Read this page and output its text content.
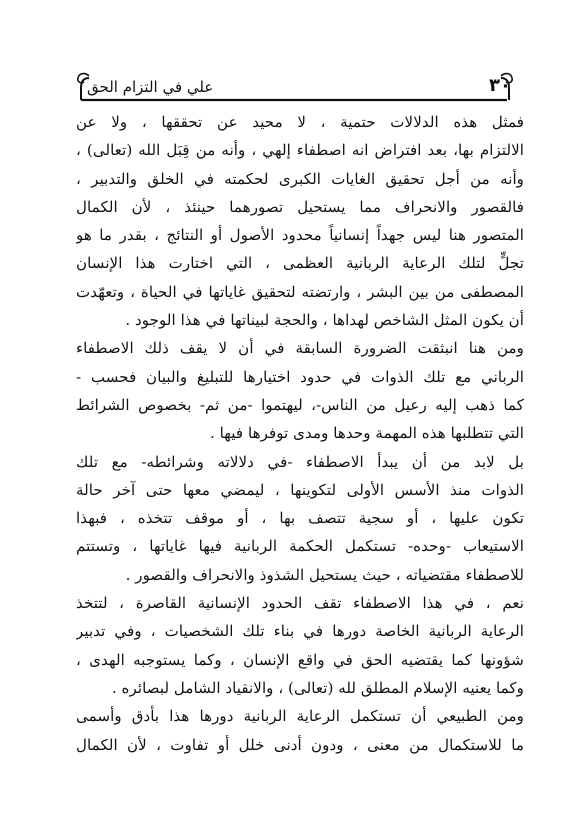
علي في التزام الحق	٣٠
فمثل هذه الدلالات حتمية ، لا محيد عن تحققها ، ولا عن
الالتزام بها، بعد افتراض انه اصطفاء إلهي ، وأنه من قِبَل الله (تعالى) ،
وأنه من أجل تحقيق الغايات الكبرى لحكمته في الخلق والتدبير ،
فالقصور والانحراف مما يستحيل تصورهما حينئذ ، لأن الكمال
المتصور هنا ليس جهداً إنسانياً محدود الأصول أو النتائج ، بقدر ما هو
تجلٍّ لتلك الرعاية الربانية العظمى ، التي اختارت هذا الإنسان
المصطفى من بين البشر ، وارتضته لتحقيق غاياتها في الحياة ، وتعهّدت
أن يكون المثل الشاخص لهداها ، والحجة لبيناتها في هذا الوجود .
ومن هنا انبثقت الضرورة السابقة في أن لا يقف ذلك الاصطفاء
الرباني مع تلك الذوات في حدود اختيارها للتبليغ والبيان فحسب -
كما ذهب إليه رعيل من الناس-، ليهتموا -من ثم- بخصوص الشرائط
التي تتطلبها هذه المهمة وحدها ومدى توفرها فيها .
بل لابد من أن يبدأ الاصطفاء -في دلالاته وشرائطه- مع تلك
الذوات منذ الأسس الأولى لتكوينها ، ليمضي معها حتى آخر حالة
تكون عليها ، أو سجية تتصف بها ، أو موقف تتخذه ، فبهذا
الاستيعاب -وحده- تستكمل الحكمة الربانية فيها غاياتها ، وتستتم
للاصطفاء مقتضياته ، حيث يستحيل الشذوذ والانحراف والقصور .
نعم ، في هذا الاصطفاء تقف الحدود الإنسانية القاصرة ، لتتخذ
الرعاية الربانية الخاصة دورها في بناء تلك الشخصيات ، وفي تدبير
شؤونها كما يقتضيه الحق في واقع الإنسان ، وكما يستوجبه الهدى ،
وكما يعنيه الإسلام المطلق لله (تعالى) ، والانقياد الشامل لبصائره .
ومن الطبيعي أن تستكمل الرعاية الربانية دورها هذا بأدق وأسمى
ما للاستكمال من معنى ، ودون أدنى خلل أو تفاوت ، لأن الكمال
